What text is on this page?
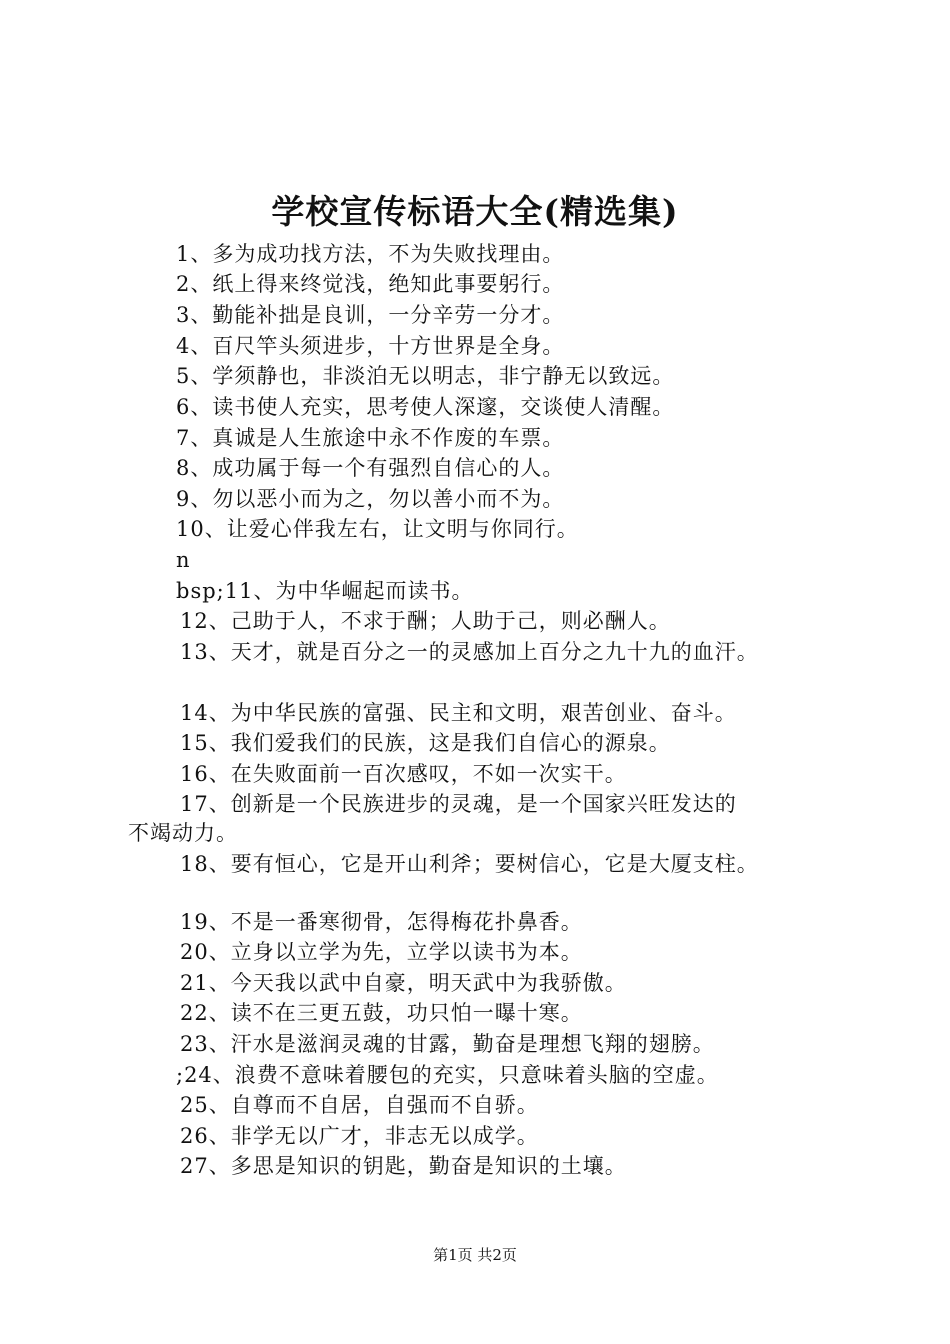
学校宣传标语大全(精选集)
1、多为成功找方法，不为失败找理由。
2、纸上得来终觉浅，绝知此事要躬行。
3、勤能补拙是良训，一分辛劳一分才。
4、百尺竿头须进步，十方世界是全身。
5、学须静也，非淡泊无以明志，非宁静无以致远。
6、读书使人充实，思考使人深邃，交谈使人清醒。
7、真诚是人生旅途中永不作废的车票。
8、成功属于每一个有强烈自信心的人。
9、勿以恶小而为之，勿以善小而不为。
10、让爱心伴我左右，让文明与你同行。
n
bsp;11、为中华崛起而读书。
12、己助于人，不求于酬；人助于己，则必酬人。
13、天才，就是百分之一的灵感加上百分之九十九的血汗。
14、为中华民族的富强、民主和文明，艰苦创业、奋斗。
15、我们爱我们的民族，这是我们自信心的源泉。
16、在失败面前一百次感叹，不如一次实干。
17、创新是一个民族进步的灵魂，是一个国家兴旺发达的
不竭动力。
18、要有恒心，它是开山利斧；要树信心，它是大厦支柱。
19、不是一番寒彻骨，怎得梅花扑鼻香。
20、立身以立学为先，立学以读书为本。
21、今天我以武中自豪，明天武中为我骄傲。
22、读不在三更五鼓，功只怕一曝十寒。
23、汗水是滋润灵魂的甘露，勤奋是理想飞翔的翅膀。
;24、浪费不意味着腰包的充实，只意味着头脑的空虚。
25、自尊而不自居，自强而不自骄。
26、非学无以广才，非志无以成学。
27、多思是知识的钥匙，勤奋是知识的土壤。
第1页 共2页
